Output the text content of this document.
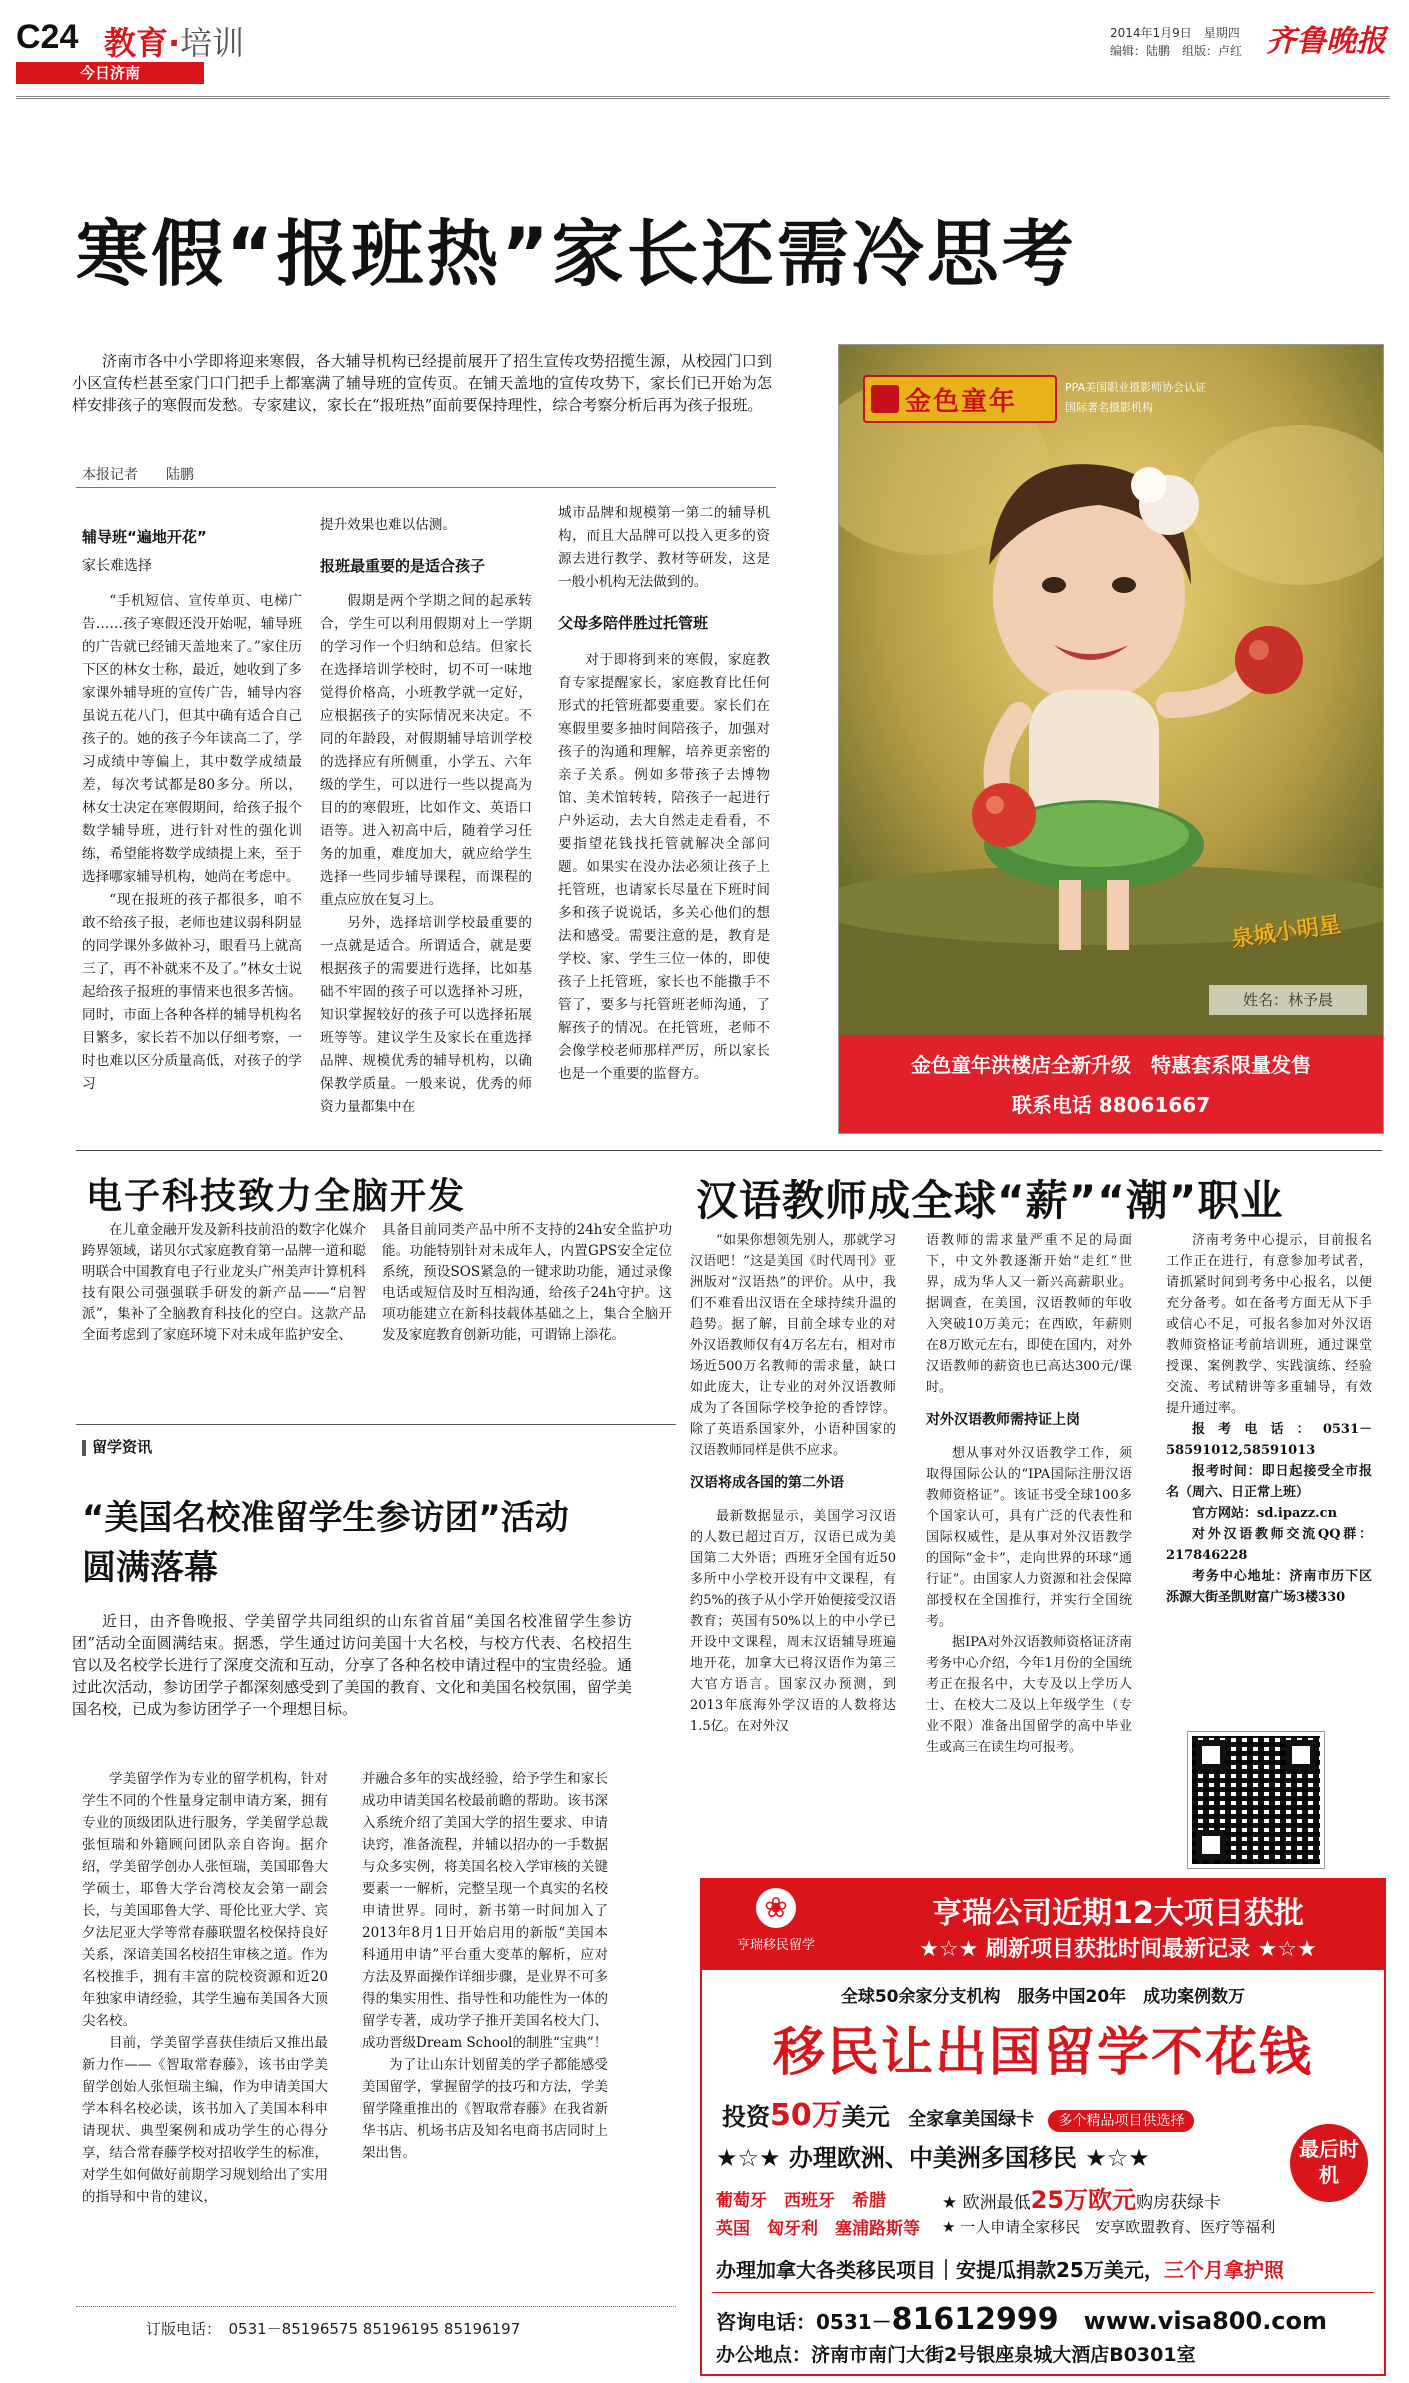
C24 教育·培训
今日济南
2014年1月9日　星期四
编辑：陆鹏　组版：卢红 齐鲁晚报
寒假“报班热”家长还需冷思考
济南市各中小学即将迎来寒假，各大辅导机构已经提前展开了招生宣传攻势招揽生源，从校园门口到小区宣传栏甚至家门口门把手上都塞满了辅导班的宣传页。在铺天盖地的宣传攻势下，家长们已开始为怎样安排孩子的寒假而发愁。专家建议，家长在“报班热”面前要保持理性，综合考察分析后再为孩子报班。
本报记者　　陆鹏
辅导班“遍地开花”
家长难选择

“手机短信、宣传单页、电梯广告……孩子寒假还没开始呢，辅导班的广告就已经铺天盖地来了。”家住历下区的林女士称，最近，她收到了多家课外辅导班的宣传广告，辅导内容虽说五花八门，但其中确有适合自己孩子的。她的孩子今年读高二了，学习成绩中等偏上，其中数学成绩最差，每次考试都是80多分。所以，林女士决定在寒假期间，给孩子报个数学辅导班，进行针对性的强化训练，希望能将数学成绩提上来，至于选择哪家辅导机构，她尚在考虑中。

“现在报班的孩子都很多，咱不敢不给孩子报，老师也建议弱科阴显的同学课外多做补习，眼看马上就高三了，再不补就来不及了。”林女士说起给孩子报班的事情来也很多苦恼。同时，市面上各种各样的辅导机构名目繁多，家长若不加以仔细考察，一时也难以区分质量高低，对孩子的学习

提升效果也难以估测。

报班最重要的是适合孩子

假期是两个学期之间的起承转合，学生可以利用假期对上一学期的学习作一个归纳和总结。但家长在选择培训学校时，切不可一味地觉得价格高，小班教学就一定好，应根据孩子的实际情况来决定。不同的年龄段，对假期辅导培训学校的选择应有所侧重，小学五、六年级的学生，可以进行一些以提高为目的的寒假班，比如作文、英语口语等。进入初高中后，随着学习任务的加重，难度加大，就应给学生选择一些同步辅导课程，而课程的重点应放在复习上。

另外，选择培训学校最重要的一点就是适合。所谓适合，就是要根据孩子的需要进行选择，比如基础不牢固的孩子可以选择补习班，知识掌握较好的孩子可以选择拓展班等等。建议学生及家长在重选择品牌、规模优秀的辅导机构，以确保教学质量。一般来说，优秀的师资力量都集中在

城市品牌和规模第一第二的辅导机构，而且大品牌可以投入更多的资源去进行教学、教材等研发，这是一般小机构无法做到的。

父母多陪伴胜过托管班

对于即将到来的寒假，家庭教育专家提醒家长，家庭教育比任何形式的托管班都要重要。家长们在寒假里要多抽时间陪孩子，加强对孩子的沟通和理解，培养更亲密的亲子关系。例如多带孩子去博物馆、美术馆转转，陪孩子一起进行户外运动，去大自然走走看看，不要指望花钱找托管就解决全部问题。如果实在没办法必须让孩子上托管班，也请家长尽量在下班时间多和孩子说说话，多关心他们的想法和感受。需要注意的是，教育是学校、家、学生三位一体的，即使孩子上托管班，家长也不能撒手不管了，要多与托管班老师沟通，了解孩子的情况。在托管班，老师不会像学校老师那样严厉，所以家长也是一个重要的监督方。

金色童年	PPA美国职业摄影师协会认证
国际著名摄影机构
泉城小明星
姓名：林予晨
金色童年洪楼店全新升级　特惠套系限量发售
联系电话 88061667
电子科技致力全脑开发
在儿童金融开发及新科技前沿的数字化媒介跨界领域，诺贝尔式家庭教育第一品牌一道和聪明联合中国教育电子行业龙头广州美声计算机科技有限公司强强联手研发的新产品——“启智派”，集补了全脑教育科技化的空白。这款产品全面考虑到了家庭环境下对未成年监护安全、
具备目前同类产品中所不支持的24h安全监护功能。功能特别针对未成年人，内置GPS安全定位系统，预设SOS紧急的一键求助功能，通过录像电话或短信及时互相沟通，给孩子24h守护。这项功能建立在新科技载体基础之上，集合全脑开发及家庭教育创新功能，可谓锦上添花。
留学资讯
“美国名校准留学生参访团”活动
圆满落幕
近日，由齐鲁晚报、学美留学共同组织的山东省首届“美国名校准留学生参访团”活动全面圆满结束。据悉，学生通过访问美国十大名校，与校方代表、名校招生官以及名校学长进行了深度交流和互动，分享了各种名校申请过程中的宝贵经验。通过此次活动，参访团学子都深刻感受到了美国的教育、文化和美国名校氛围，留学美国名校，已成为参访团学子一个理想目标。

学美留学作为专业的留学机构，针对学生不同的个性量身定制申请方案，拥有专业的顶级团队进行服务，学美留学总裁张恒瑞和外籍顾问团队亲自咨询。据介绍，学美留学创办人张恒瑞，美国耶鲁大学硕士，耶鲁大学台湾校友会第一副会长，与美国耶鲁大学、哥伦比亚大学、宾夕法尼亚大学等常春藤联盟名校保持良好关系，深谙美国名校招生审核之道。作为名校推手，拥有丰富的院校资源和近20年独家申请经验，其学生遍布美国各大顶尖名校。

目前，学美留学喜获佳绩后又推出最新力作——《智取常春藤》，该书由学美留学创始人张恒瑞主编，作为申请美国大学本科名校必读，该书加入了美国本科申请现状、典型案例和成功学生的心得分享，结合常春藤学校对招收学生的标准，对学生如何做好前期学习规划给出了实用的指导和中肯的建议，

并融合多年的实战经验，给予学生和家长成功申请美国名校最前瞻的帮助。该书深入系统介绍了美国大学的招生要求、申请诀窍，准备流程，并辅以招办的一手数据与众多实例，将美国名校入学审核的关键要素一一解析，完整呈现一个真实的名校申请世界。同时，新书第一时间加入了2013年8月1日开始启用的新版“美国本科通用申请”平台重大变革的解析，应对方法及界面操作详细步骤，是业界不可多得的集实用性、指导性和功能性为一体的留学专著，成功学子推开美国名校大门、成功晋级Dream School的制胜“宝典”！

为了让山东计划留美的学子都能感受美国留学，掌握留学的技巧和方法，学美留学隆重推出的《智取常春藤》在我省新华书店、机场书店及知名电商书店同时上架出售。

订版电话：　0531－85196575 85196195 85196197
汉语教师成全球“薪”“潮”职业

“如果你想领先别人，那就学习汉语吧！”这是美国《时代周刊》亚洲版对“汉语热”的评价。从中，我们不难看出汉语在全球持续升温的趋势。据了解，目前全球专业的对外汉语教师仅有4万名左右，相对市场近500万名教师的需求量，缺口如此庞大，让专业的对外汉语教师成为了各国际学校争抢的香饽饽。除了英语系国家外，小语种国家的汉语教师同样是供不应求。

汉语将成各国的第二外语

最新数据显示，美国学习汉语的人数已超过百万，汉语已成为美国第二大外语；西班牙全国有近50多所中小学校开设有中文课程，有约5%的孩子从小学开始便接受汉语教育；英国有50%以上的中小学已开设中文课程，周末汉语辅导班遍地开花，加拿大已将汉语作为第三大官方语言。国家汉办预测，到2013年底海外学汉语的人数将达1.5亿。在对外汉

语教师的需求量严重不足的局面下，中文外教逐渐开始“走红”世界，成为华人又一新兴高薪职业。据调查，在美国，汉语教师的年收入突破10万美元；在西欧，年薪则在8万欧元左右，即使在国内，对外汉语教师的薪资也已高达300元/课时。

对外汉语教师需持证上岗

想从事对外汉语教学工作，须取得国际公认的“IPA国际注册汉语教师资格证”。该证书受全球100多个国家认可，具有广泛的代表性和国际权威性，是从事对外汉语教学的国际“金卡”，走向世界的环球“通行证”。由国家人力资源和社会保障部授权在全国推行，并实行全国统考。

据IPA对外汉语教师资格证济南考务中心介绍，今年1月份的全国统考正在报名中，大专及以上学历人士、在校大二及以上年级学生（专业不限）准备出国留学的高中毕业生或高三在读生均可报考。

济南考务中心提示，目前报名工作正在进行，有意参加考试者，请抓紧时间到考务中心报名，以便充分备考。如在备考方面无从下手或信心不足，可报名参加对外汉语教师资格证考前培训班，通过课堂授课、案例教学、实践演练、经验交流、考试精讲等多重辅导，有效提升通过率。

报考电话：0531－58591012,58591013

报考时间：即日起接受全市报名（周六、日正常上班）

官方网站：sd.ipazz.cn

对外汉语教师交流QQ群：217846228

考务中心地址：济南市历下区泺源大街圣凯财富广场3楼330

❀
亨瑞移民留学
亨瑞公司近期12大项目获批
★☆★ 刷新项目获批时间最新记录 ★☆★
全球50余家分支机构　服务中国20年　成功案例数万
移民让出国留学不花钱
投资50万美元 全家拿美国绿卡 多个精品项目供选择
★☆★ 办理欧洲、中美洲多国移民 ★☆★	最后时机
葡萄牙　西班牙　希腊
英国　匈牙利　塞浦路斯等
★ 欧洲最低25万欧元购房获绿卡
★ 一人申请全家移民　安享欧盟教育、医疗等福利
办理加拿大各类移民项目｜安提瓜捐款25万美元，三个月拿护照
咨询电话：0531－81612999 www.visa800.com
办公地点：济南市南门大街2号银座泉城大酒店B0301室
